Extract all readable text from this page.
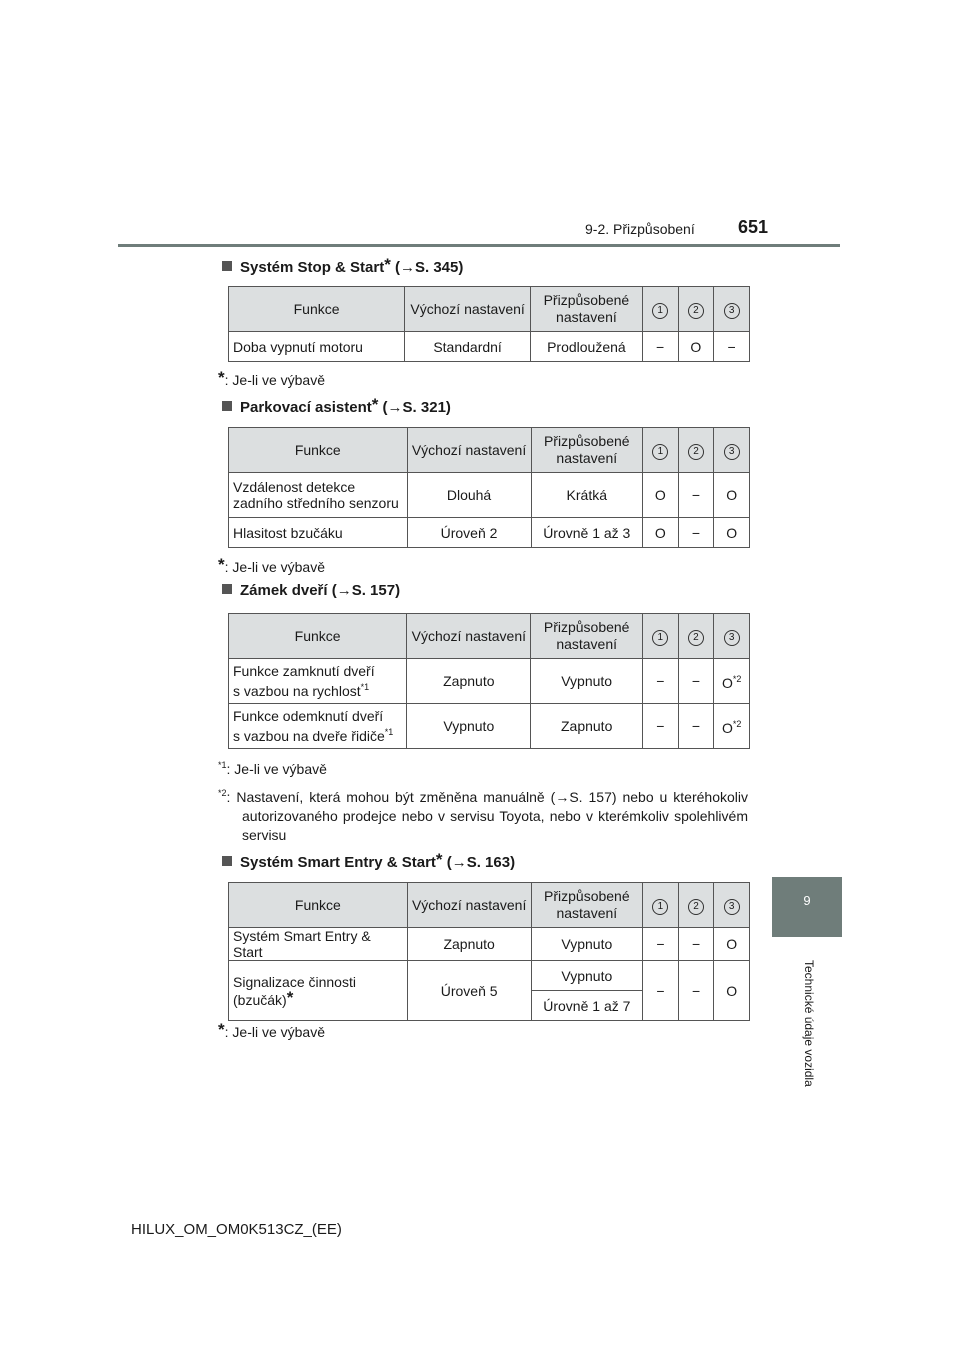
9-2. Přizpůsobení 651
9
Technické údaje vozidla
Systém Stop & Start* (→S. 345)
Funkce	Výchozí nastavení	Přizpůsobené nastavení	1	2	3
Doba vypnutí motoru	Standardní	Prodloužená	−	O	−
*: Je-li ve výbavě
Parkovací asistent* (→S. 321)
Funkce	Výchozí nastavení	Přizpůsobené nastavení	1	2	3
Vzdálenost detekce zadního středního senzoru	Dlouhá	Krátká	O	−	O
Hlasitost bzučáku	Úroveň 2	Úrovně 1 až 3	O	−	O
*: Je-li ve výbavě
Zámek dveří (→S. 157)
Funkce	Výchozí nastavení	Přizpůsobené nastavení	1	2	3
Funkce zamknutí dveří
s vazbou na rychlost$^{*1}$	Zapnuto	Vypnuto	−	−	$O^{*2}$
Funkce odemknutí dveří
s vazbou na dveře řidiče$^{*1}$	Vypnuto	Zapnuto	−	−	$O^{*2}$
$^{*1}$: Je-li ve výbavě
$^{*2}$: Nastavení, která mohou být změněna manuálně (→S. 157) nebo u kteréhokoliv autorizovaného prodejce nebo v servisu Toyota, nebo v kterémkoliv spolehlivém servisu
Systém Smart Entry & Start* (→S. 163)
Funkce	Výchozí nastavení	Přizpůsobené nastavení	1	2	3
Systém Smart Entry & Start	Zapnuto	Vypnuto	−	−	O
Signalizace činnosti
(bzučák)*	Úroveň 5	Vypnuto	−	−	O
		Úrovně 1 až 7			
*: Je-li ve výbavě
HILUX_OM_OM0K513CZ_(EE)
